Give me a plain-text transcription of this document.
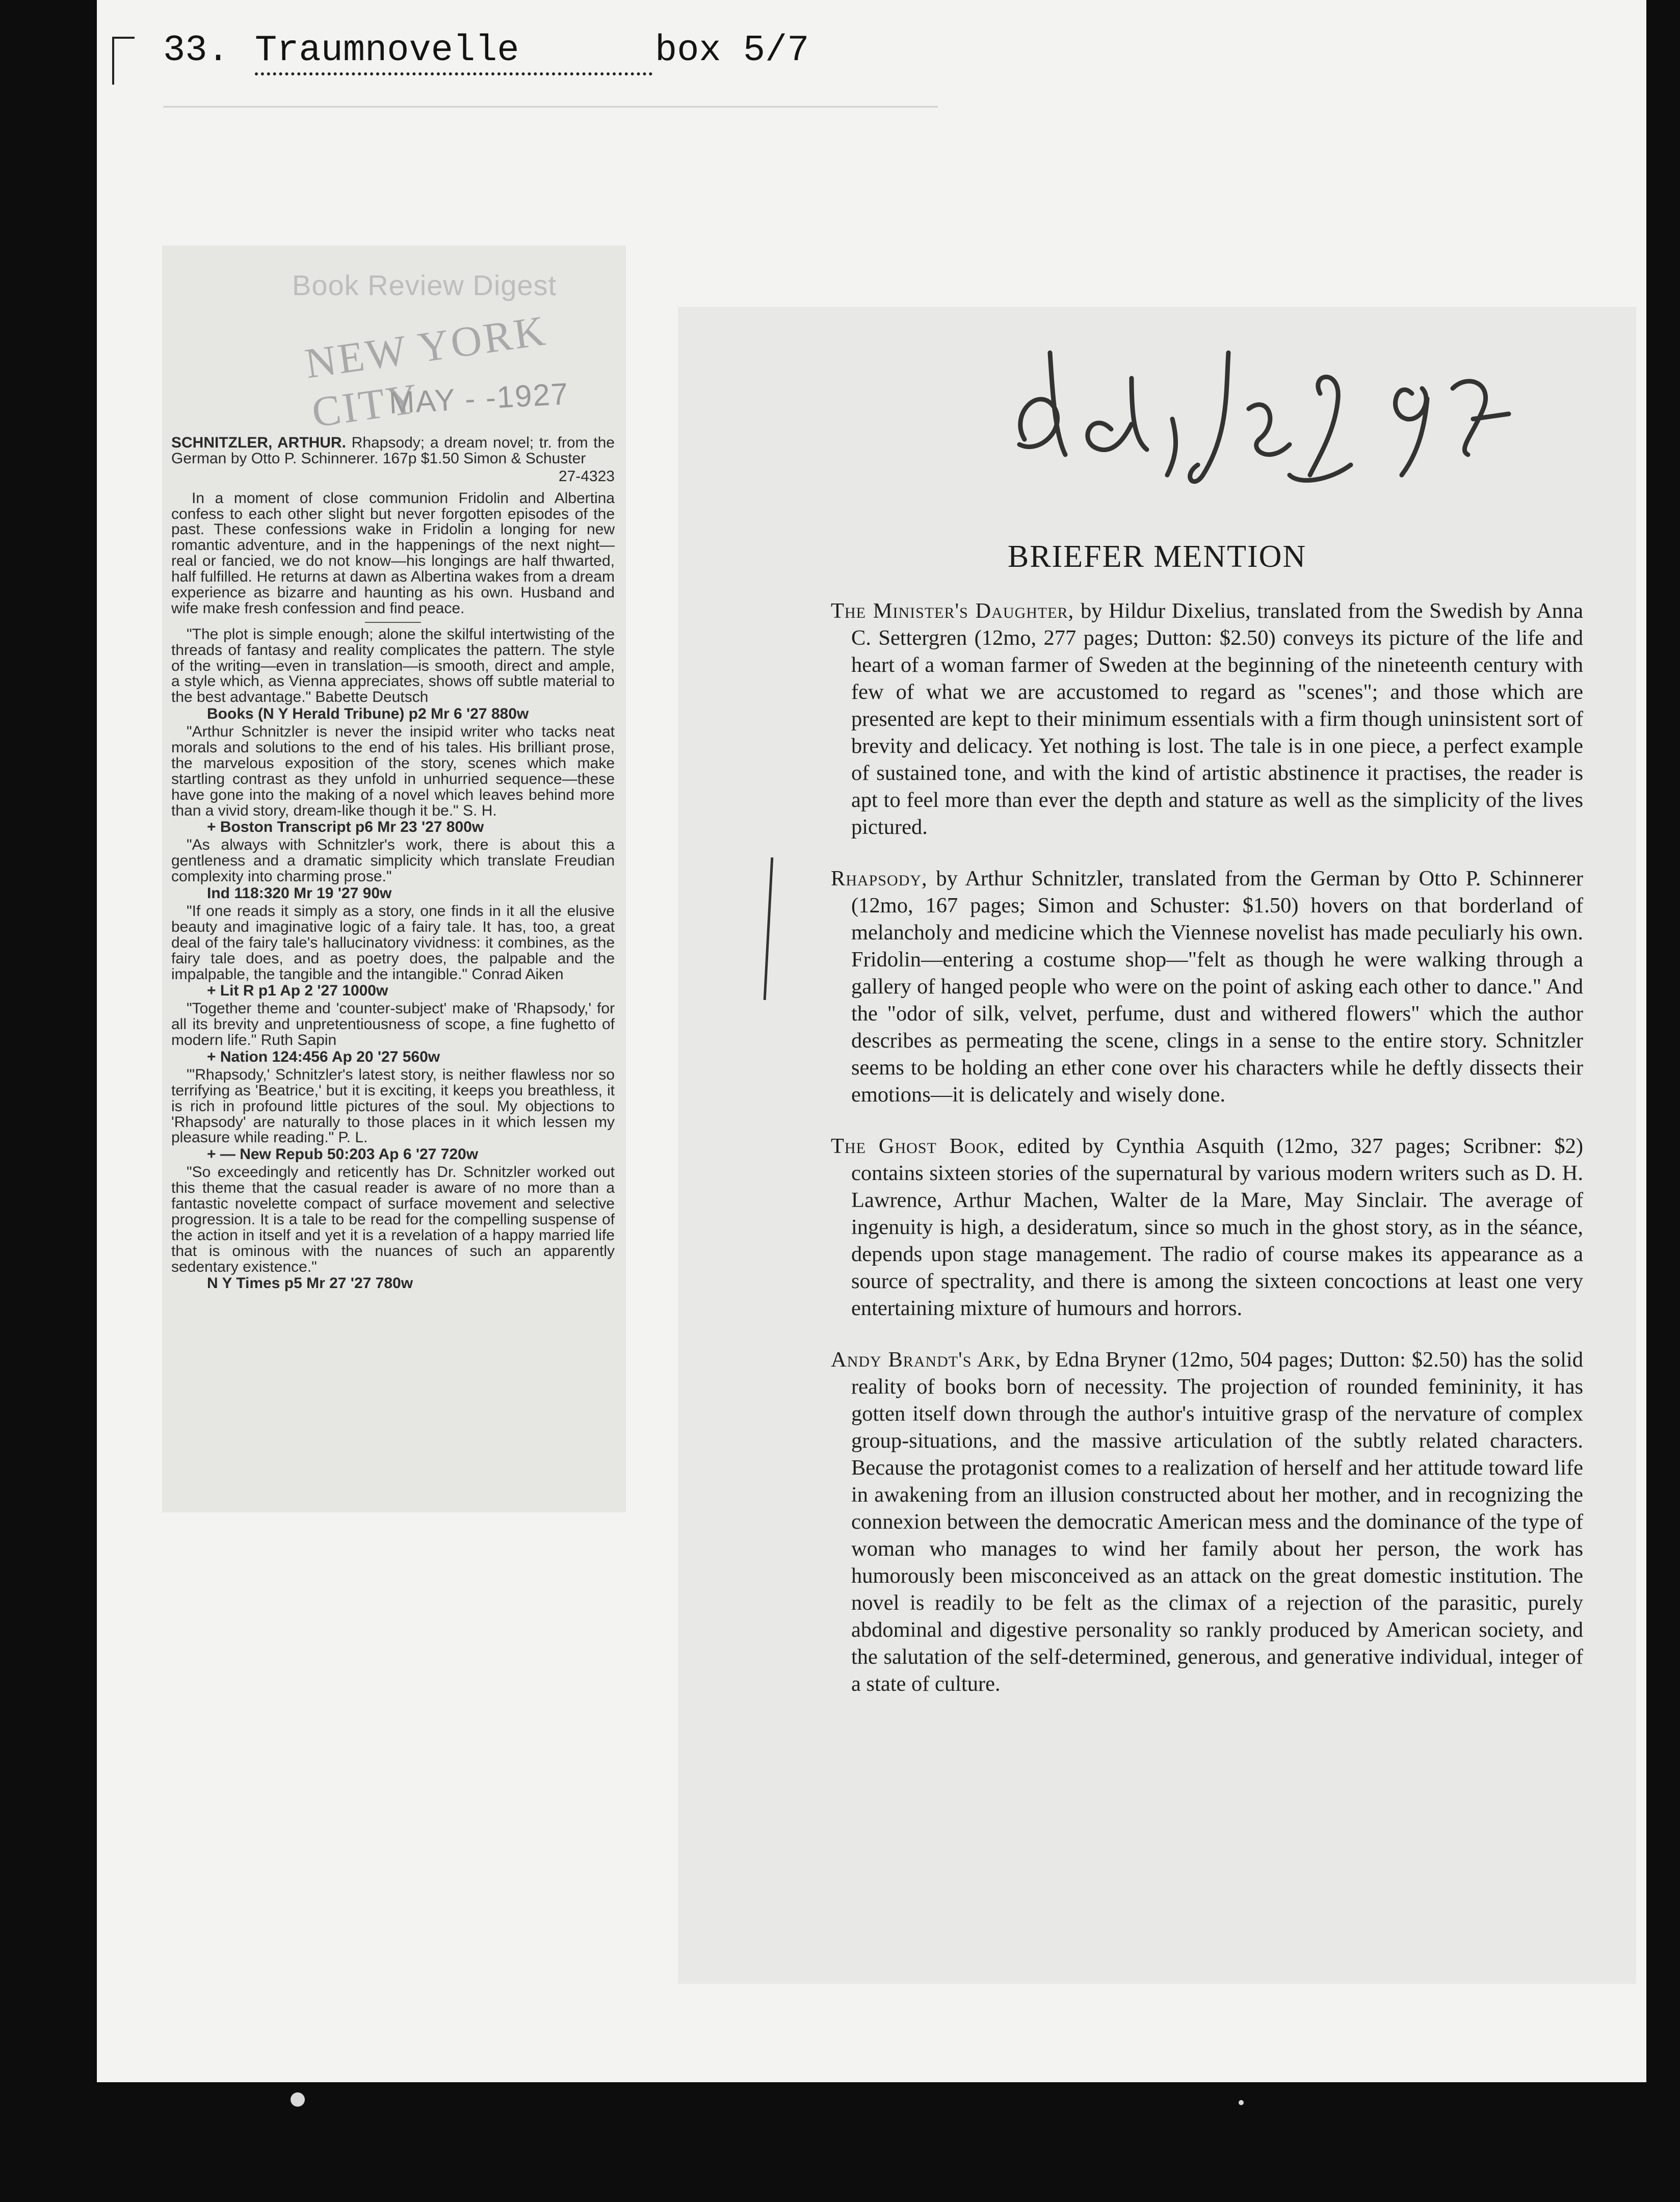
33. Traumnovelle	box 5/7
Book Review Digest
NEW YORK CITY
MAY - -1927

SCHNITZLER, ARTHUR. Rhapsody; a dream novel; tr. from the German by Otto P. Schinnerer. 167p $1.50 Simon & Schuster

27-4323

In a moment of close communion Fridolin and Albertina confess to each other slight but never forgotten episodes of the past. These confessions wake in Fridolin a longing for new romantic adventure, and in the happenings of the next night—real or fancied, we do not know—his longings are half thwarted, half fulfilled. He returns at dawn as Albertina wakes from a dream experience as bizarre and haunting as his own. Husband and wife make fresh confession and find peace.

"The plot is simple enough; alone the skilful intertwisting of the threads of fantasy and reality complicates the pattern. The style of the writing—even in translation—is smooth, direct and ample, a style which, as Vienna appreciates, shows off subtle material to the best advantage." Babette Deutsch

Books (N Y Herald Tribune) p2 Mr 6 '27 880w

"Arthur Schnitzler is never the insipid writer who tacks neat morals and solutions to the end of his tales. His brilliant prose, the marvelous exposition of the story, scenes which make startling contrast as they unfold in unhurried sequence—these have gone into the making of a novel which leaves behind more than a vivid story, dream-like though it be." S. H.

+ Boston Transcript p6 Mr 23 '27 800w

"As always with Schnitzler's work, there is about this a gentleness and a dramatic simplicity which translate Freudian complexity into charming prose."

Ind 118:320 Mr 19 '27 90w

"If one reads it simply as a story, one finds in it all the elusive beauty and imaginative logic of a fairy tale. It has, too, a great deal of the fairy tale's hallucinatory vividness: it combines, as the fairy tale does, and as poetry does, the palpable and the impalpable, the tangible and the intangible." Conrad Aiken

+ Lit R p1 Ap 2 '27 1000w

"Together theme and 'counter-subject' make of 'Rhapsody,' for all its brevity and unpretentiousness of scope, a fine fughetto of modern life." Ruth Sapin

+ Nation 124:456 Ap 20 '27 560w

"'Rhapsody,' Schnitzler's latest story, is neither flawless nor so terrifying as 'Beatrice,' but it is exciting, it keeps you breathless, it is rich in profound little pictures of the soul. My objections to 'Rhapsody' are naturally to those places in it which lessen my pleasure while reading." P. L.

+ — New Repub 50:203 Ap 6 '27 720w

"So exceedingly and reticently has Dr. Schnitzler worked out this theme that the casual reader is aware of no more than a fantastic novelette compact of surface movement and selective progression. It is a tale to be read for the compelling suspense of the action in itself and yet it is a revelation of a happy married life that is ominous with the nuances of such an apparently sedentary existence."

N Y Times p5 Mr 27 '27 780w

BRIEFER MENTION
The Minister's Daughter, by Hildur Dixelius, translated from the Swedish by Anna C. Settergren (12mo, 277 pages; Dutton: $2.50) conveys its picture of the life and heart of a woman farmer of Sweden at the beginning of the nineteenth century with few of what we are accustomed to regard as "scenes"; and those which are presented are kept to their minimum essentials with a firm though uninsistent sort of brevity and delicacy. Yet nothing is lost. The tale is in one piece, a perfect example of sustained tone, and with the kind of artistic abstinence it practises, the reader is apt to feel more than ever the depth and stature as well as the simplicity of the lives pictured.
Rhapsody, by Arthur Schnitzler, translated from the German by Otto P. Schinnerer (12mo, 167 pages; Simon and Schuster: $1.50) hovers on that borderland of melancholy and medicine which the Viennese novelist has made peculiarly his own. Fridolin—entering a costume shop—"felt as though he were walking through a gallery of hanged people who were on the point of asking each other to dance." And the "odor of silk, velvet, perfume, dust and withered flowers" which the author describes as permeating the scene, clings in a sense to the entire story. Schnitzler seems to be holding an ether cone over his characters while he deftly dissects their emotions—it is delicately and wisely done.
The Ghost Book, edited by Cynthia Asquith (12mo, 327 pages; Scribner: $2) contains sixteen stories of the supernatural by various modern writers such as D. H. Lawrence, Arthur Machen, Walter de la Mare, May Sinclair. The average of ingenuity is high, a desideratum, since so much in the ghost story, as in the séance, depends upon stage management. The radio of course makes its appearance as a source of spectrality, and there is among the sixteen concoctions at least one very entertaining mixture of humours and horrors.
Andy Brandt's Ark, by Edna Bryner (12mo, 504 pages; Dutton: $2.50) has the solid reality of books born of necessity. The projection of rounded femininity, it has gotten itself down through the author's intuitive grasp of the nervature of complex group-situations, and the massive articulation of the subtly related characters. Because the protagonist comes to a realization of herself and her attitude toward life in awakening from an illusion constructed about her mother, and in recognizing the connexion between the democratic American mess and the dominance of the type of woman who manages to wind her family about her person, the work has humorously been misconceived as an attack on the great domestic institution. The novel is readily to be felt as the climax of a rejection of the parasitic, purely abdominal and digestive personality so rankly produced by American society, and the salutation of the self-determined, generous, and generative individual, integer of a state of culture.
